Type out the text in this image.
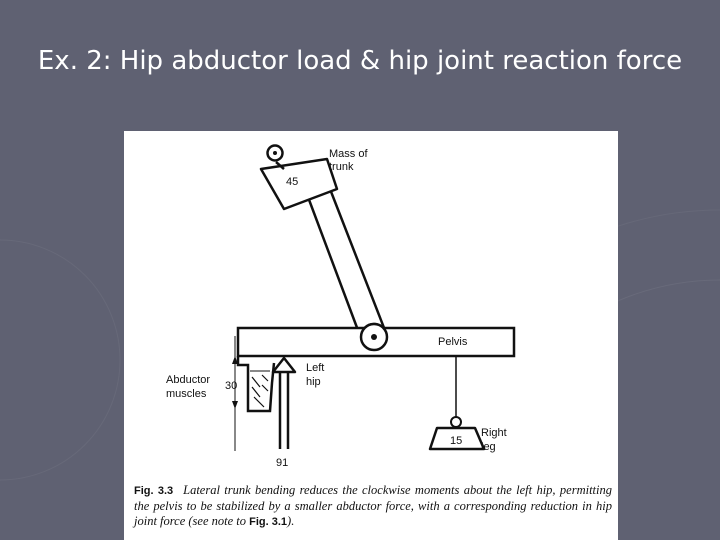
Ex. 2: Hip abductor load & hip joint reaction force
Mass of
trunk
45
Pelvis
Abductor
muscles
30
Left
hip
91
15
Right
leg
Fig. 3.3 Lateral trunk bending reduces the clockwise moments about the left hip, permitting the pelvis to be stabilized by a smaller abductor force, with a corresponding reduction in hip joint force (see note to Fig. 3.1).
